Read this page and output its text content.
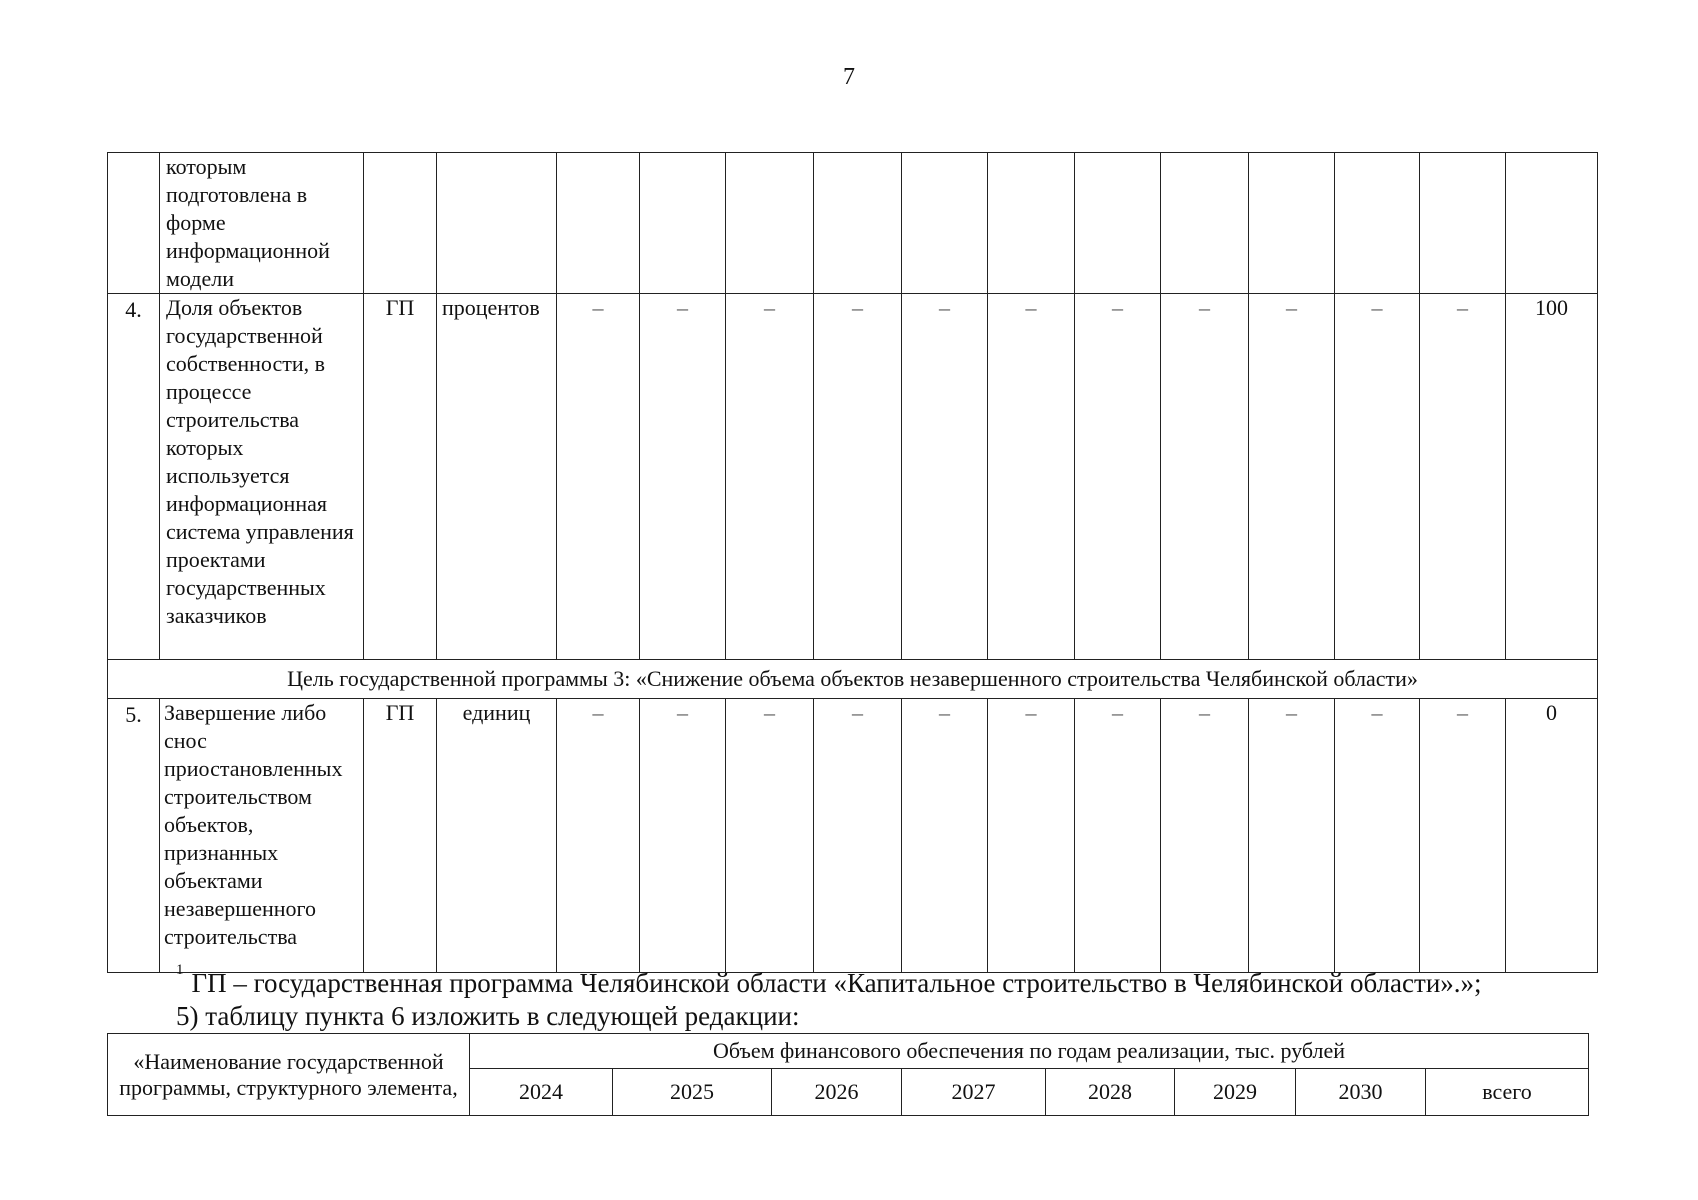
7
	которым подготовлена в форме информационной модели														
4.	Доля объектов государственной собственности, в процессе строительства которых используется информационная система управления проектами государственных заказчиков	ГП	процентов	–	–	–	–	–	–	–	–	–	–	–	100
Цель государственной программы 3: «Снижение объема объектов незавершенного строительства Челябинской области»															
5.	Завершение либо снос приостановленных строительством объектов, признанных объектами незавершенного строительства	ГП	единиц	–	–	–	–	–	–	–	–	–	–	–	0
$^1$ ГП – государственная программа Челябинской области «Капитальное строительство в Челябинской области».»;
5) таблицу пункта 6 изложить в следующей редакции:
«Наименование государственной программы, структурного элемента,	Объем финансового обеспечения по годам реализации, тыс. рублей							
	2024	2025	2026	2027	2028	2029	2030	всего
